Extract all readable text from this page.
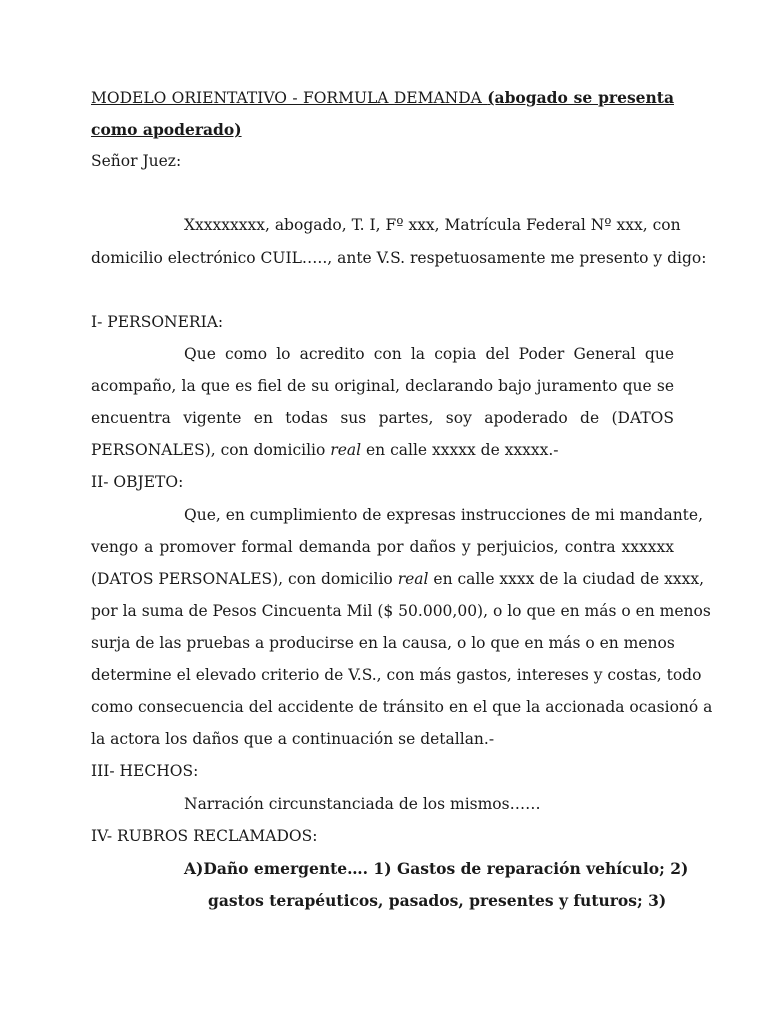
MODELO ORIENTATIVO - FORMULA DEMANDA (abogado se presenta
como apoderado)
Señor Juez:
Xxxxxxxxx, abogado, T. I, Fº xxx, Matrícula Federal Nº xxx, con
domicilio electrónico CUIL….., ante V.S. respetuosamente me presento y digo:
I- PERSONERIA:
Que como lo acredito con la copia del Poder General que
acompaño, la que es fiel de su original, declarando bajo juramento que se
encuentra vigente en todas sus partes, soy apoderado de (DATOS
PERSONALES), con domicilio real en calle xxxxx de xxxxx.-
II- OBJETO:
Que, en cumplimiento de expresas instrucciones de mi mandante,
vengo a promover formal demanda por daños y perjuicios, contra xxxxxx
(DATOS PERSONALES), con domicilio real en calle xxxx de la ciudad de xxxx,
por la suma de Pesos Cincuenta Mil ($ 50.000,00), o lo que en más o en menos
surja de las pruebas a producirse en la causa, o lo que en más o en menos
determine el elevado criterio de V.S., con más gastos, intereses y costas, todo
como consecuencia del accidente de tránsito en el que la accionada ocasionó a
la actora los daños que a continuación se detallan.-
III- HECHOS:
Narración circunstanciada de los mismos……
IV- RUBROS RECLAMADOS:
A) Daño emergente…. 1) Gastos de reparación vehículo; 2)
gastos terapéuticos, pasados, presentes y futuros; 3)
